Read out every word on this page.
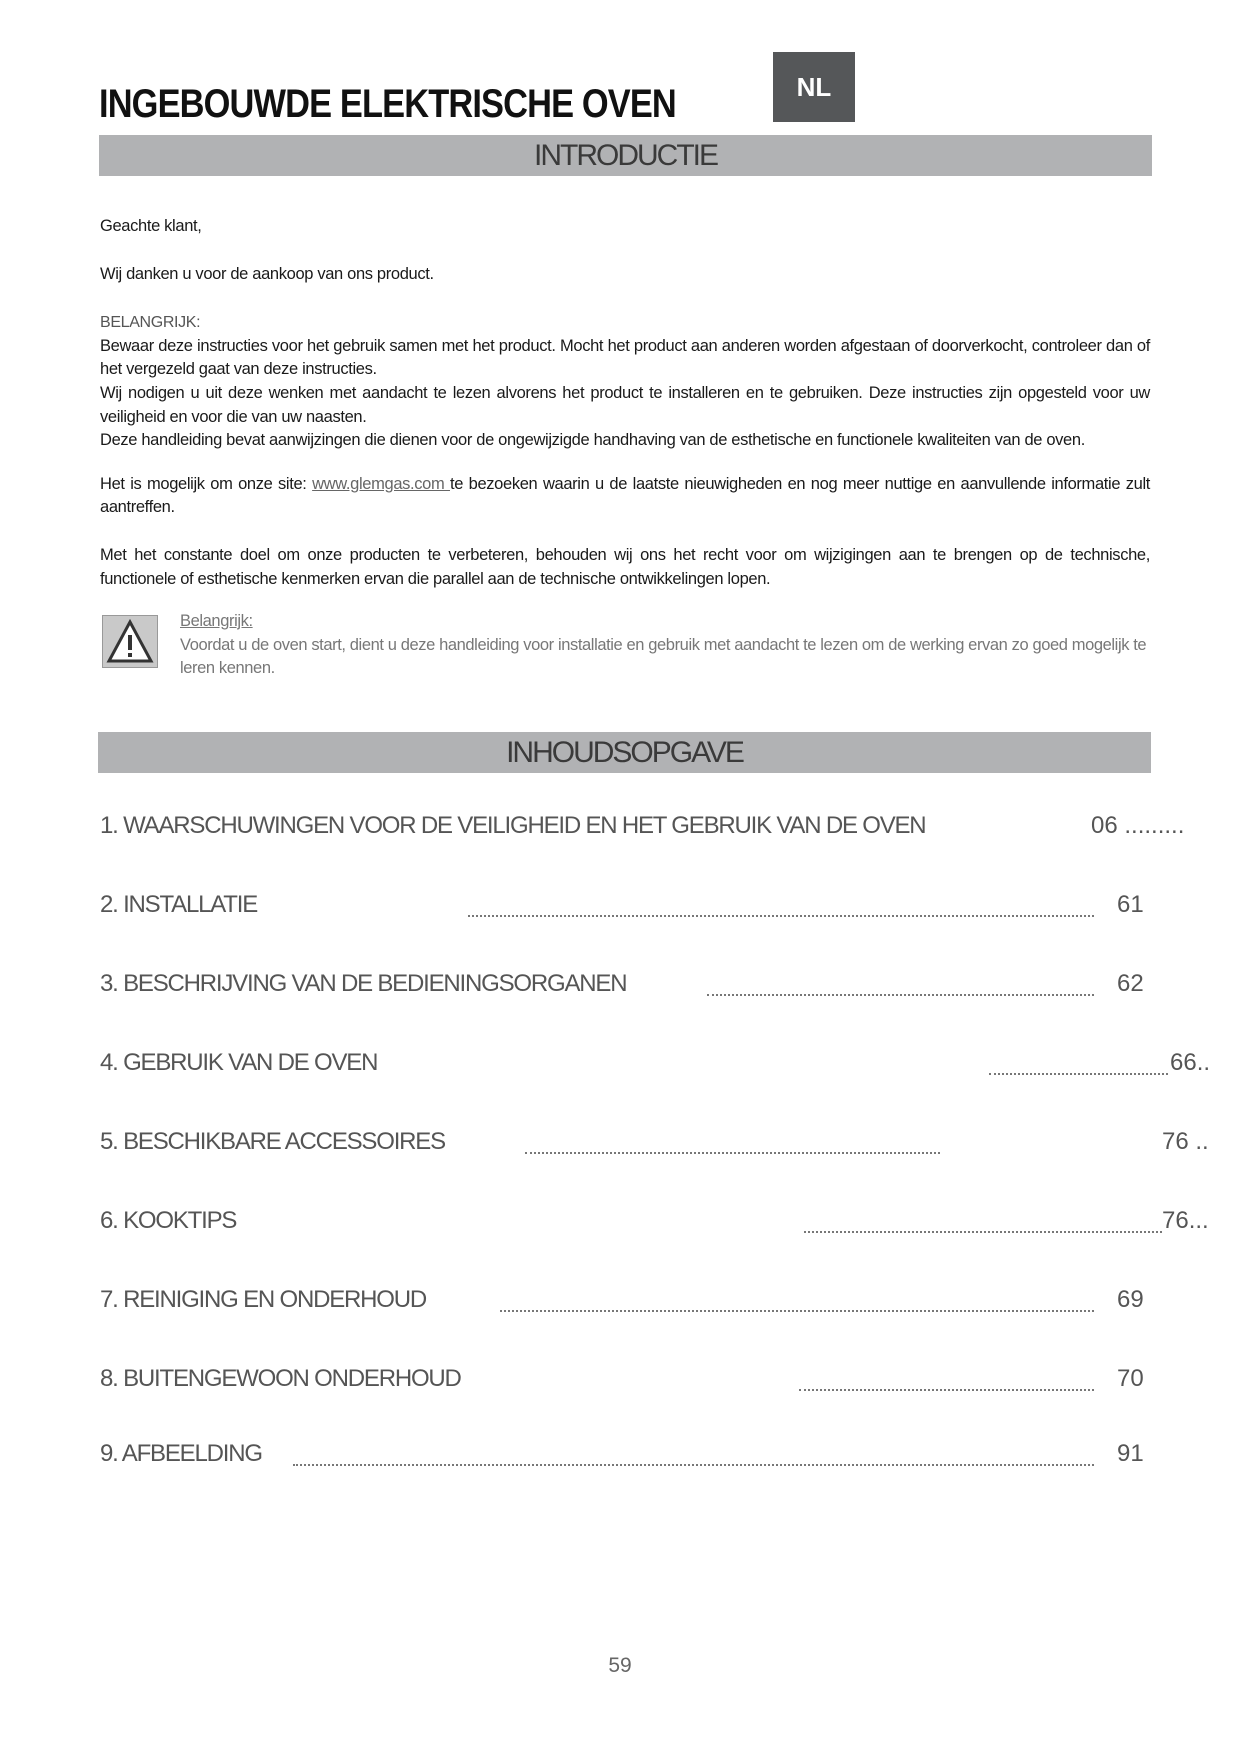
INGEBOUWDE ELEKTRISCHE OVEN	NL
INTRODUCTIE

Geachte klant,

Wij danken u voor de aankoop van ons product.

BELANGRIJK:

Bewaar deze instructies voor het gebruik samen met het product. Mocht het product aan anderen worden afgestaan of doorverkocht, controleer dan of het vergezeld gaat van deze instructies.

Wij nodigen u uit deze wenken met aandacht te lezen alvorens het product te installeren en te gebruiken. Deze instructies zijn opgesteld voor uw veiligheid en voor die van uw naasten.

Deze handleiding bevat aanwijzingen die dienen voor de ongewijzigde handhaving van de esthetische en functionele kwaliteiten van de oven.

Het is mogelijk om onze site: www.glemgas.com te bezoeken waarin u de laatste nieuwigheden en nog meer nuttige en aanvullende informatie zult aantreffen.

Met het constante doel om onze producten te verbeteren, behouden wij ons het recht voor om wijzigingen aan te brengen op de technische, functionele of esthetische kenmerken ervan die parallel aan de technische ontwikkelingen lopen.

Belangrijk:
Voordat u de oven start, dient u deze handleiding voor installatie en gebruik met aandacht te lezen om de werking ervan zo goed mogelijk te leren kennen.
INHOUDSOPGAVE
1. WAARSCHUWINGEN VOOR DE VEILIGHEID EN HET GEBRUIK VAN DE OVEN	06 .........
2. INSTALLATIE	61
3. BESCHRIJVING VAN DE BEDIENINGSORGANEN	62
4. GEBRUIK VAN DE OVEN	66..
5. BESCHIKBARE ACCESSOIRES	76 ..
6. KOOKTIPS	76...
7. REINIGING EN ONDERHOUD	69
8. BUITENGEWOON ONDERHOUD	70
9. AFBEELDING	91
59
